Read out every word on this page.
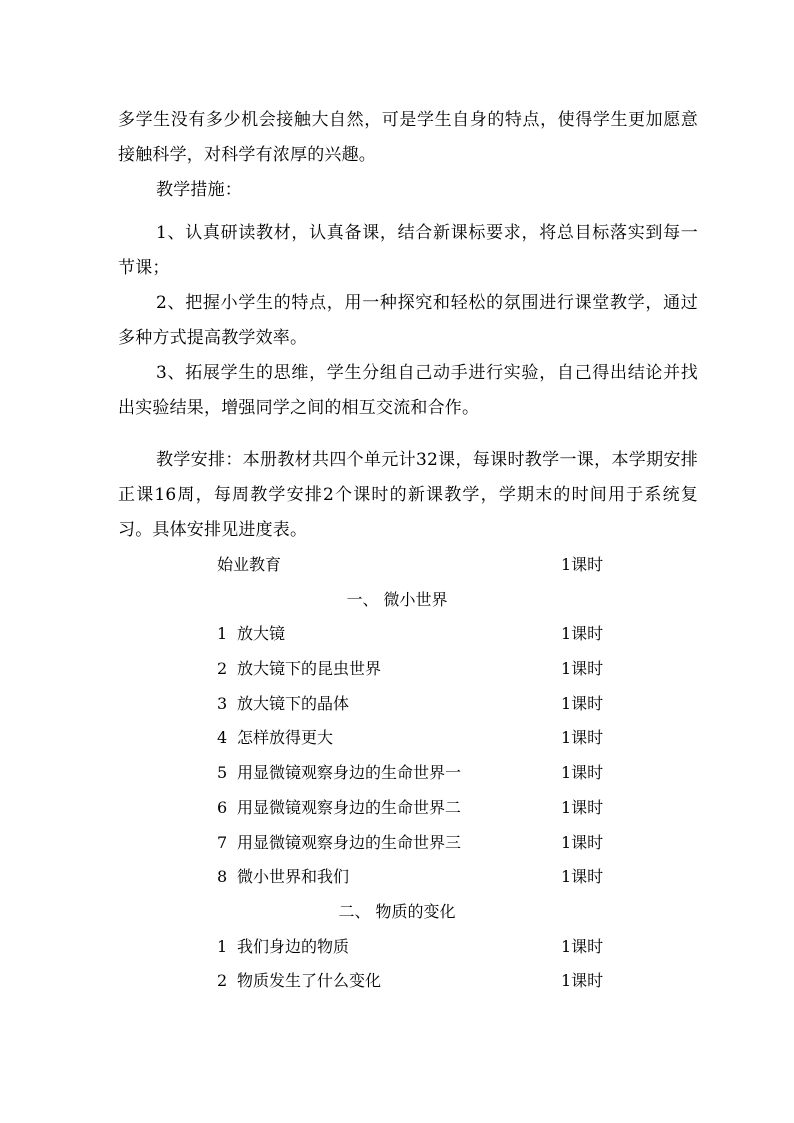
多学生没有多少机会接触大自然，可是学生自身的特点，使得学生更加愿意接触科学，对科学有浓厚的兴趣。

教学措施：

1、认真研读教材，认真备课，结合新课标要求，将总目标落实到每一节课；

2、把握小学生的特点，用一种探究和轻松的氛围进行课堂教学，通过多种方式提高教学效率。

3、拓展学生的思维，学生分组自己动手进行实验，自己得出结论并找出实验结果，增强同学之间的相互交流和合作。

教学安排：本册教材共四个单元计32课，每课时教学一课，本学期安排正课16周，每周教学安排2个课时的新课教学，学期末的时间用于系统复习。具体安排见进度表。

始业教育	1课时
一、 微小世界
1 放大镜	1课时
2 放大镜下的昆虫世界	1课时
3 放大镜下的晶体	1课时
4 怎样放得更大	1课时
5 用显微镜观察身边的生命世界一	1课时
6 用显微镜观察身边的生命世界二	1课时
7 用显微镜观察身边的生命世界三	1课时
8 微小世界和我们	1课时
二、 物质的变化
1 我们身边的物质	1课时
2 物质发生了什么变化	1课时
